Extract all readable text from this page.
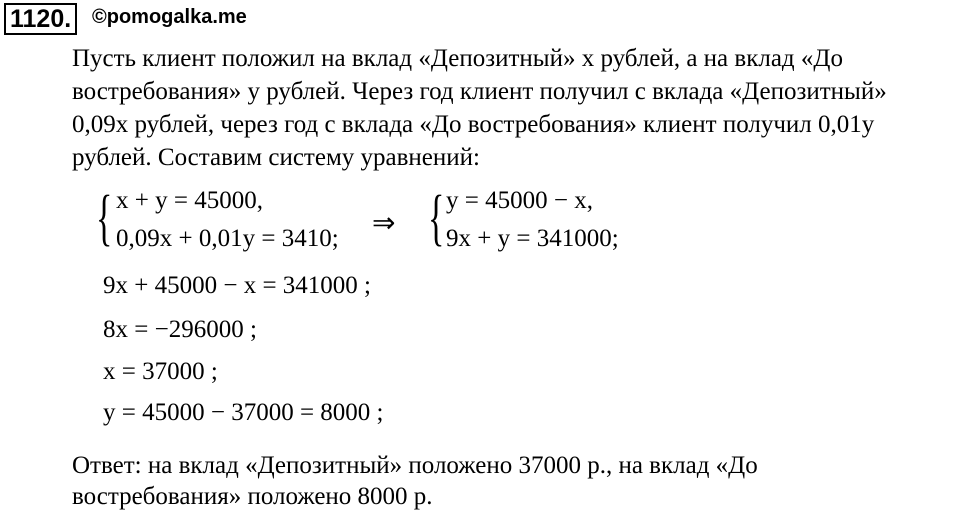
1120.	©pomogalka.me
Пусть клиент положил на вклад «Депозитный» x рублей, а на вклад «До
востребования» y рублей. Через год клиент получил с вклада «Депозитный»
0,09x рублей, через год с вклада «До востребования» клиент получил 0,01y
рублей. Составим систему уравнений:
{ x + y = 45000,
0,09x + 0,01y = 3410; ⇒ { y = 45000 − x,
9x + y = 341000;
9x + 45000 − x = 341000 ;
8x = −296000 ;
x = 37000 ;
y = 45000 − 37000 = 8000 ;
Ответ: на вклад «Депозитный» положено 37000 р., на вклад «До
востребования» положено 8000 р.
